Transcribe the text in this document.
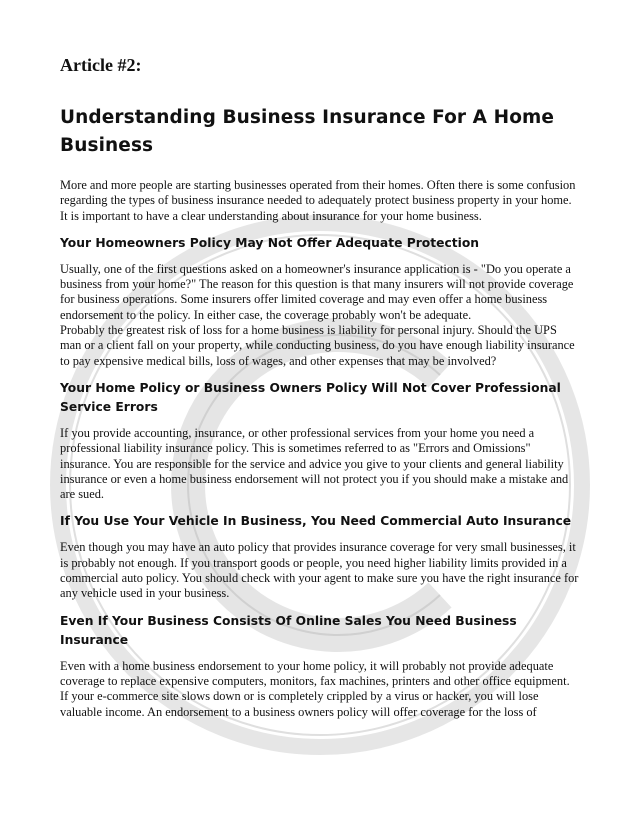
Article #2:
Understanding Business Insurance For A Home Business

More and more people are starting businesses operated from their homes. Often there is some confusion regarding the types of business insurance needed to adequately protect business property in your home. It is important to have a clear understanding about insurance for your home business.

Your Homeowners Policy May Not Offer Adequate Protection

Usually, one of the first questions asked on a homeowner's insurance application is - "Do you operate a business from your home?" The reason for this question is that many insurers will not provide coverage for business operations. Some insurers offer limited coverage and may even offer a home business endorsement to the policy. In either case, the coverage probably won't be adequate.

Probably the greatest risk of loss for a home business is liability for personal injury. Should the UPS man or a client fall on your property, while conducting business, do you have enough liability insurance to pay expensive medical bills, loss of wages, and other expenses that may be involved?

Your Home Policy or Business Owners Policy Will Not Cover Professional Service Errors

If you provide accounting, insurance, or other professional services from your home you need a professional liability insurance policy. This is sometimes referred to as "Errors and Omissions" insurance. You are responsible for the service and advice you give to your clients and general liability insurance or even a home business endorsement will not protect you if you should make a mistake and are sued.

If You Use Your Vehicle In Business, You Need Commercial Auto Insurance

Even though you may have an auto policy that provides insurance coverage for very small businesses, it is probably not enough. If you transport goods or people, you need higher liability limits provided in a commercial auto policy. You should check with your agent to make sure you have the right insurance for any vehicle used in your business.

Even If Your Business Consists Of Online Sales You Need Business Insurance

Even with a home business endorsement to your home policy, it will probably not provide adequate coverage to replace expensive computers, monitors, fax machines, printers and other office equipment. If your e-commerce site slows down or is completely crippled by a virus or hacker, you will lose valuable income. An endorsement to a business owners policy will offer coverage for the loss of
